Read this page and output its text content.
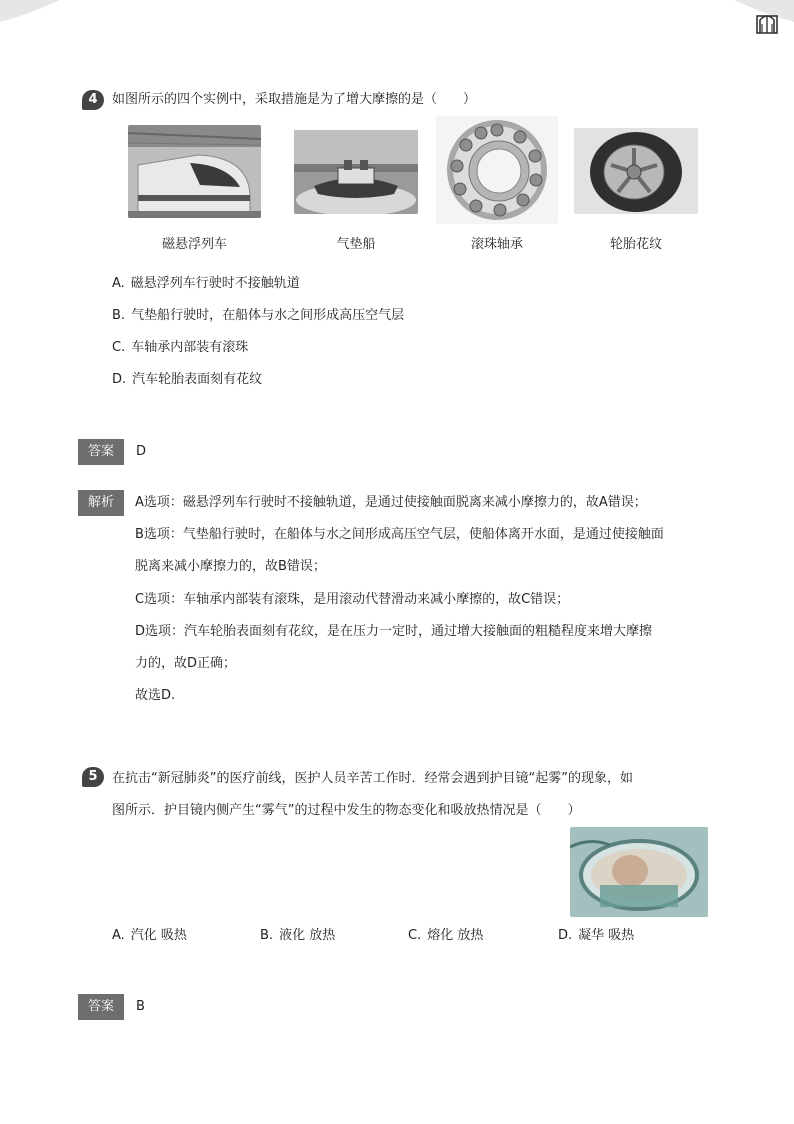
4	如图所示的四个实例中，采取措施是为了增大摩擦的是（　　）
磁悬浮列车	气垫船	滚珠轴承	轮胎花纹
A. 磁悬浮列车行驶时不接触轨道
B. 气垫船行驶时，在船体与水之间形成高压空气层
C. 车轴承内部装有滚珠
D. 汽车轮胎表面刻有花纹
答案	D
解析	A选项：磁悬浮列车行驶时不接触轨道，是通过使接触面脱离来减小摩擦力的，故A错误；
B选项：气垫船行驶时，在船体与水之间形成高压空气层，使船体离开水面，是通过使接触面
脱离来减小摩擦力的，故B错误；
C选项：车轴承内部装有滚珠，是用滚动代替滑动来减小摩擦的，故C错误；
D选项：汽车轮胎表面刻有花纹，是在压力一定时，通过增大接触面的粗糙程度来增大摩擦
力的，故D正确；
故选D.
5	在抗击“新冠肺炎”的医疗前线，医护人员辛苦工作时．经常会遇到护目镜“起雾”的现象，如
图所示．护目镜内侧产生“雾气”的过程中发生的物态变化和吸放热情况是（　　）
A. 汽化 吸热	B. 液化 放热	C. 熔化 放热	D. 凝华 吸热
答案	B
